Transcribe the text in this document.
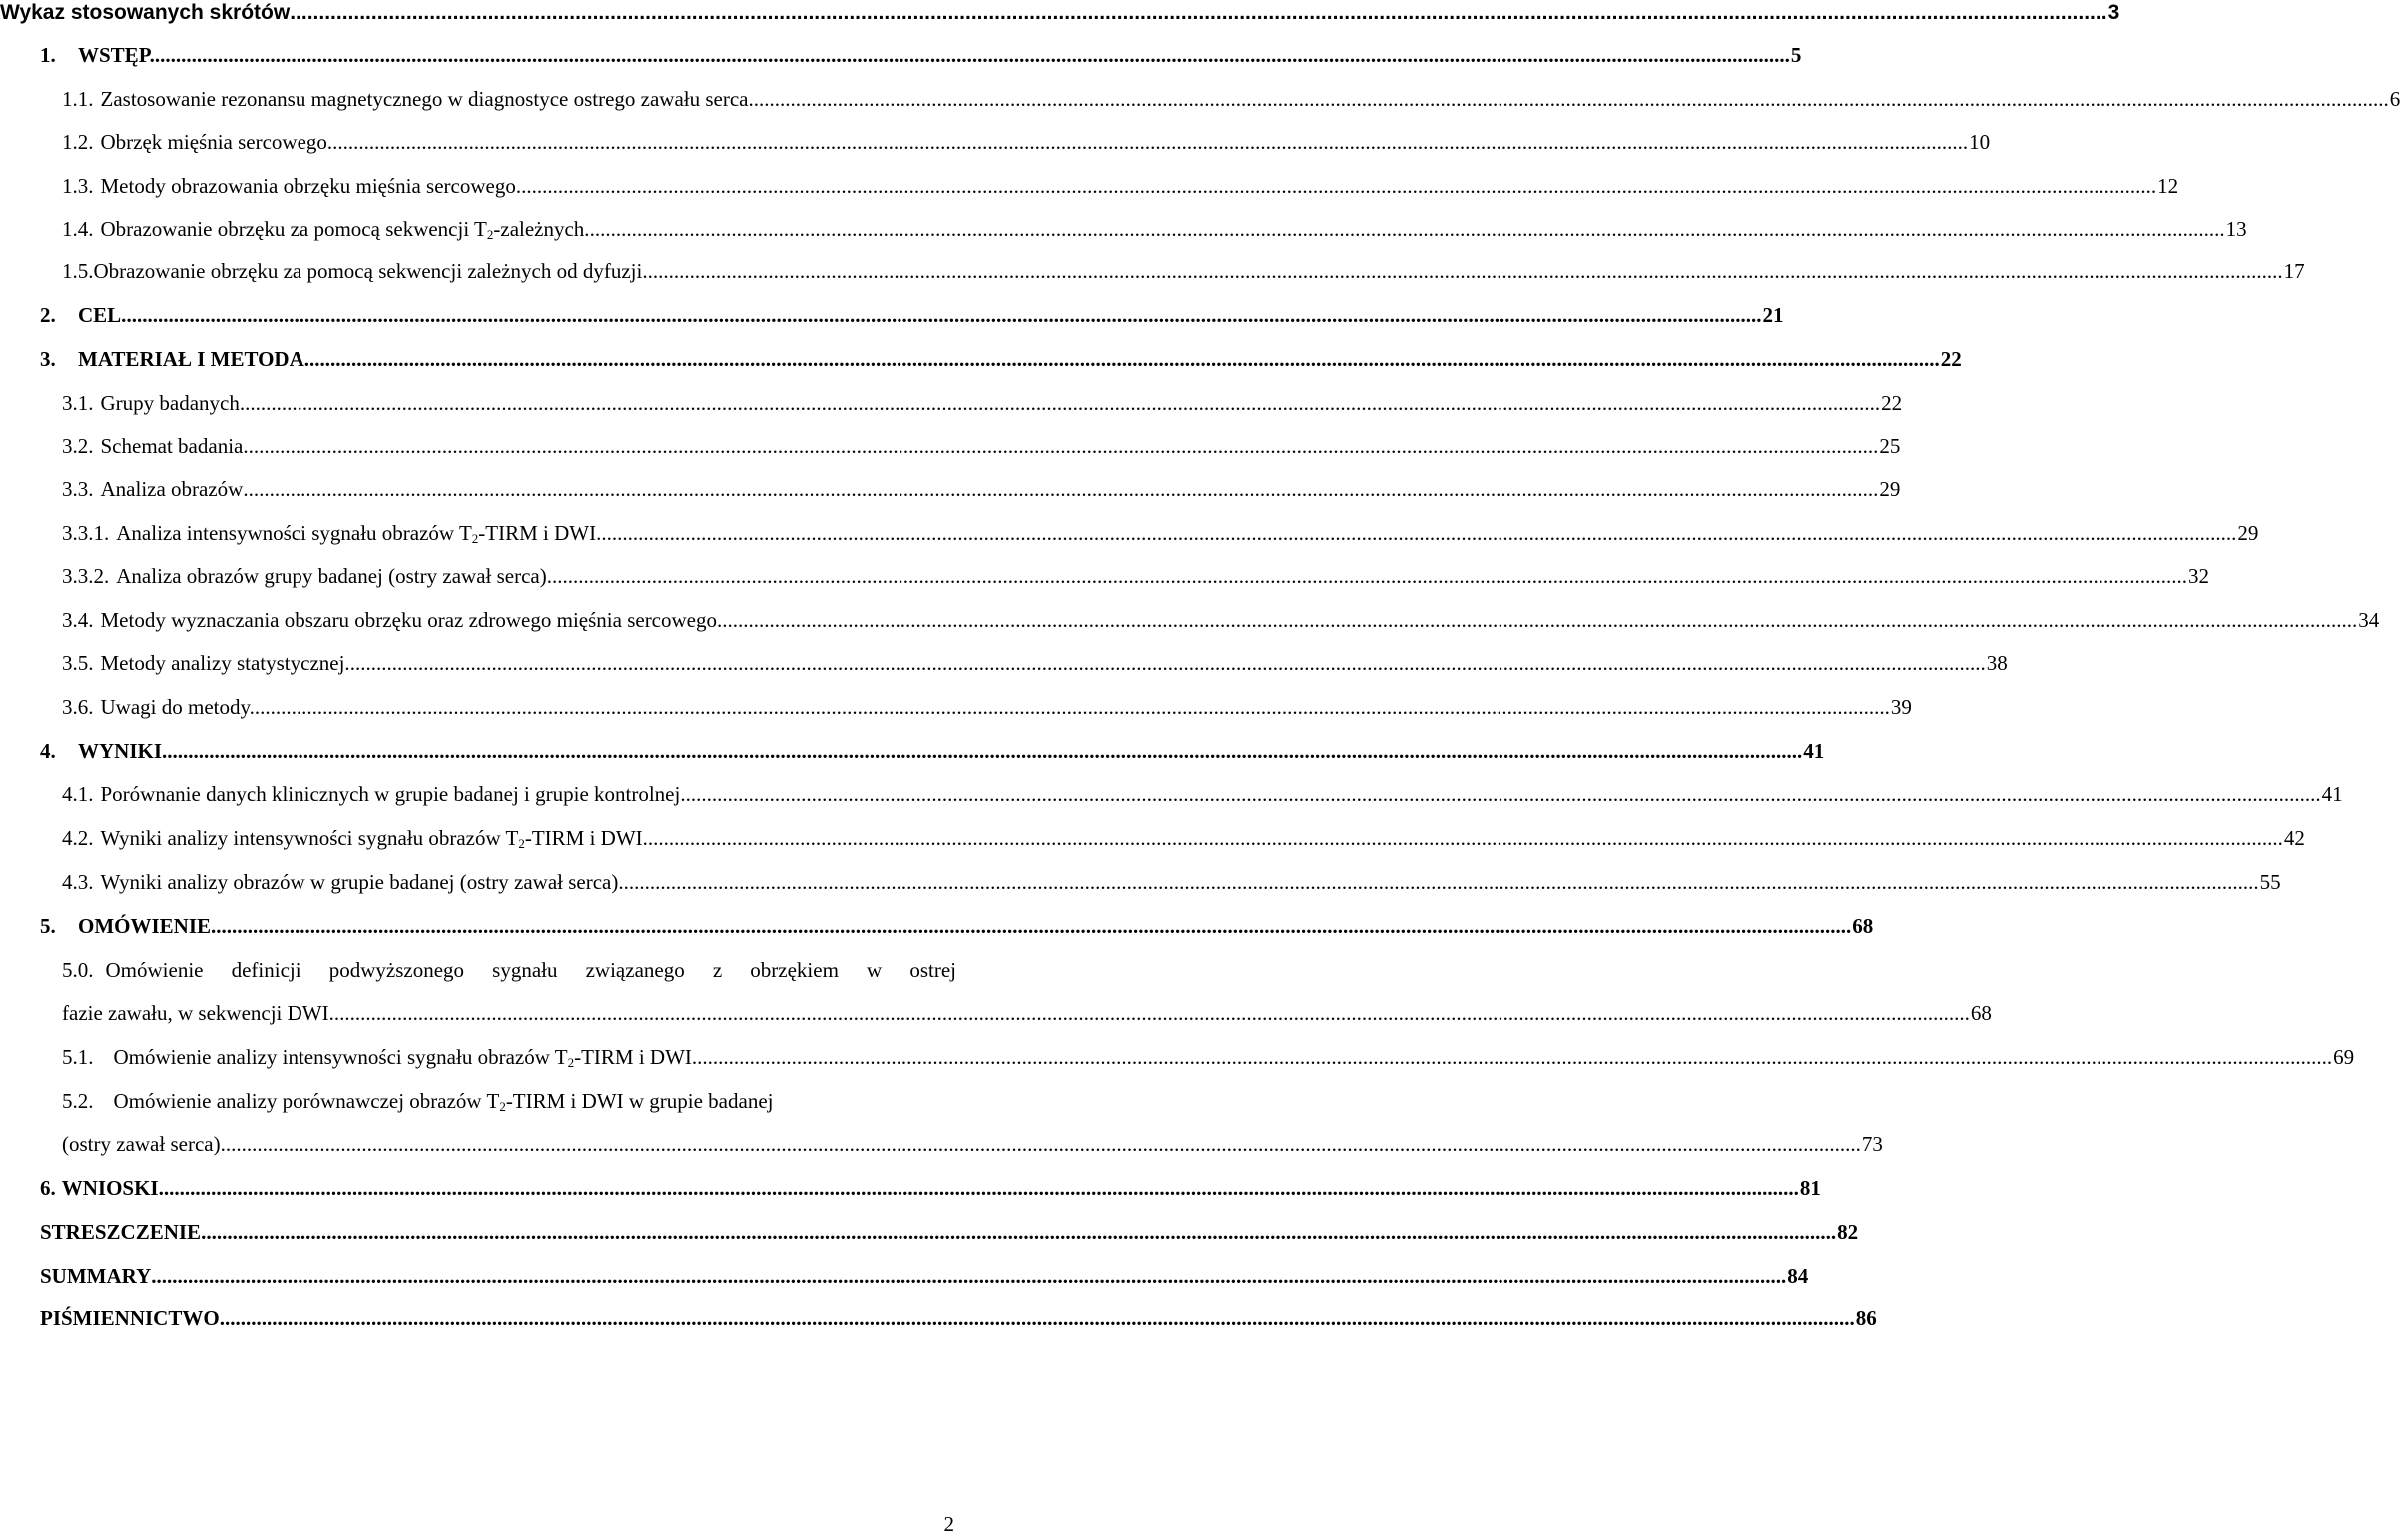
Wykaz stosowanych skrótów .....	3
1.	WSTĘP. .....	5
1.1. Zastosowanie rezonansu magnetycznego w diagnostyce ostrego zawału serca. .....	6
1.2. Obrzęk mięśnia sercowego. .....	10
1.3. Metody obrazowania obrzęku mięśnia sercowego. .....	12
1.4. Obrazowanie obrzęku za pomocą sekwencji $T_2$-zależnych. .....	13
1.5. Obrazowanie obrzęku za pomocą sekwencji zależnych od dyfuzji. .....	17
2.	CEL. .....	21
3.	MATERIAŁ I METODA .....	22
3.1. Grupy badanych. .....	22
3.2. Schemat badania .....	25
3.3. Analiza obrazów .....	29
3.3.1. Analiza intensywności sygnału obrazów $T_2$-TIRM i DWI. .....	29
3.3.2. Analiza obrazów grupy badanej (ostry zawał serca). .....	32
3.4. Metody wyznaczania obszaru obrzęku oraz zdrowego mięśnia sercowego. .....	34
3.5. Metody analizy statystycznej. .....	38
3.6. Uwagi do metody. .....	39
4.	WYNIKI. .....	41
4.1. Porównanie danych klinicznych w grupie badanej i grupie kontrolnej. .....	41
4.2. Wyniki analizy intensywności sygnału obrazów $T_2$-TIRM i DWI. .....	42
4.3. Wyniki analizy obrazów w grupie badanej (ostry zawał serca). .....	55
5.	OMÓWIENIE. .....	68
5.0. Omówienie definicji podwyższonego sygnału związanego z obrzękiem w ostrej
fazie zawału, w sekwencji DWI. .....	68
5.1. Omówienie analizy intensywności sygnału obrazów $T_2$-TIRM i DWI. .....	69
5.2. Omówienie analizy porównawczej obrazów $T_2$-TIRM i DWI w grupie badanej
(ostry zawał serca). .....	73
6. WNIOSKI. .....	81
STRESZCZENIE .....	82
SUMMARY .....	84
PIŚMIENNICTWO .....	86
2
